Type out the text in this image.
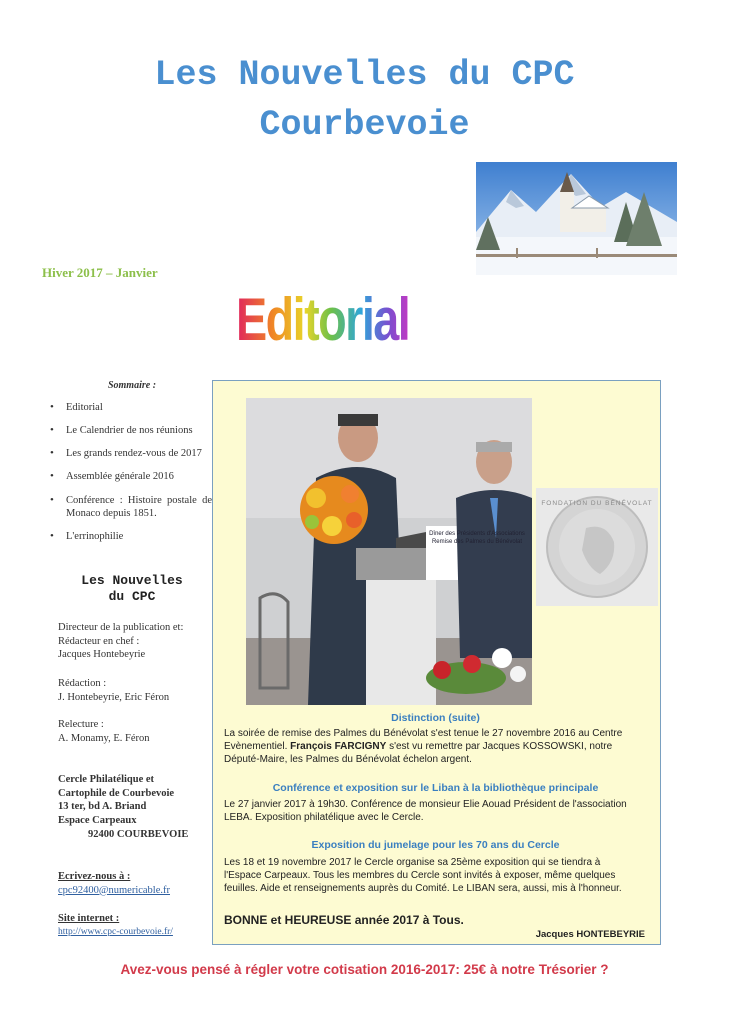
Les Nouvelles du CPC
Courbevoie
Hiver 2017 – Janvier
Editorial
Sommaire :
• Editorial
• Le Calendrier de nos réunions
• Les grands rendez-vous de 2017
• Assemblée générale 2016
• Conférence : Histoire postale de Monaco depuis 1851.
• L'errinophilie
Les Nouvelles
du CPC
Directeur de la publication et:
Rédacteur en chef :
Jacques Hontebeyrie
Rédaction :
J. Hontebeyrie, Eric Féron
Relecture :
A. Monamy, E. Féron
Cercle Philatélique et
Cartophile de Courbevoie
13 ter, bd A. Briand
Espace Carpeaux
92400 COURBEVOIE
Ecrivez-nous à :
cpc92400@numericable.fr
Site internet :
http://www.cpc-courbevoie.fr/
Dîner des Présidents d'Associations
Remise des Palmes du Bénévolat
FONDATION DU BÉNÉVOLAT
Distinction (suite)
La soirée de remise des Palmes du Bénévolat s'est tenue le 27 novembre 2016 au Centre
Evènementiel. François FARCIGNY s'est vu remettre par Jacques KOSSOWSKI, notre
Député-Maire, les Palmes du Bénévolat échelon argent.
Conférence et exposition sur le Liban à la bibliothèque principale
Le 27 janvier 2017 à 19h30. Conférence de monsieur Elie Aouad Président de l'association
LEBA. Exposition philatélique avec le Cercle.
Exposition du jumelage pour les 70 ans du Cercle
Les 18 et 19 novembre 2017 le Cercle organise sa 25ème exposition qui se tiendra à
l'Espace Carpeaux. Tous les membres du Cercle sont invités à exposer, même quelques
feuilles. Aide et renseignements auprès du Comité. Le LIBAN sera, aussi, mis à l'honneur.
BONNE et HEUREUSE année 2017 à Tous.
Jacques HONTEBEYRIE
Avez-vous pensé à régler votre cotisation 2016-2017: 25€ à notre Trésorier ?
